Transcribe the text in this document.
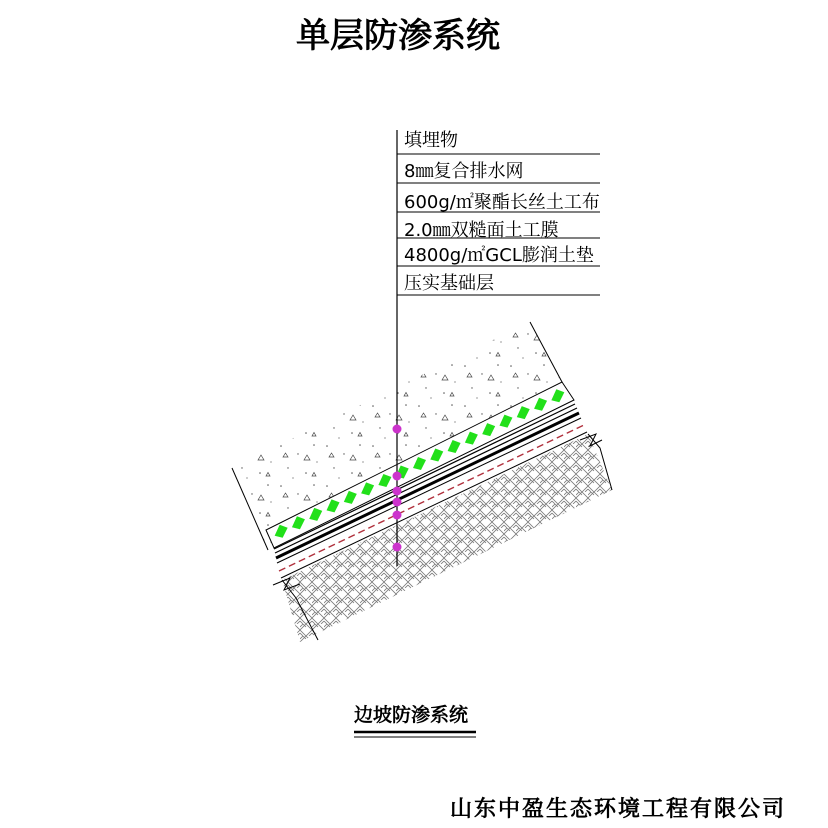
单层防渗系统
填埋物
8㎜复合排水网
600g/㎡聚酯长丝土工布
2.0㎜双糙面土工膜
4800g/㎡GCL膨润土垫
压实基础层
边坡防渗系统
山东中盈生态环境工程有限公司
